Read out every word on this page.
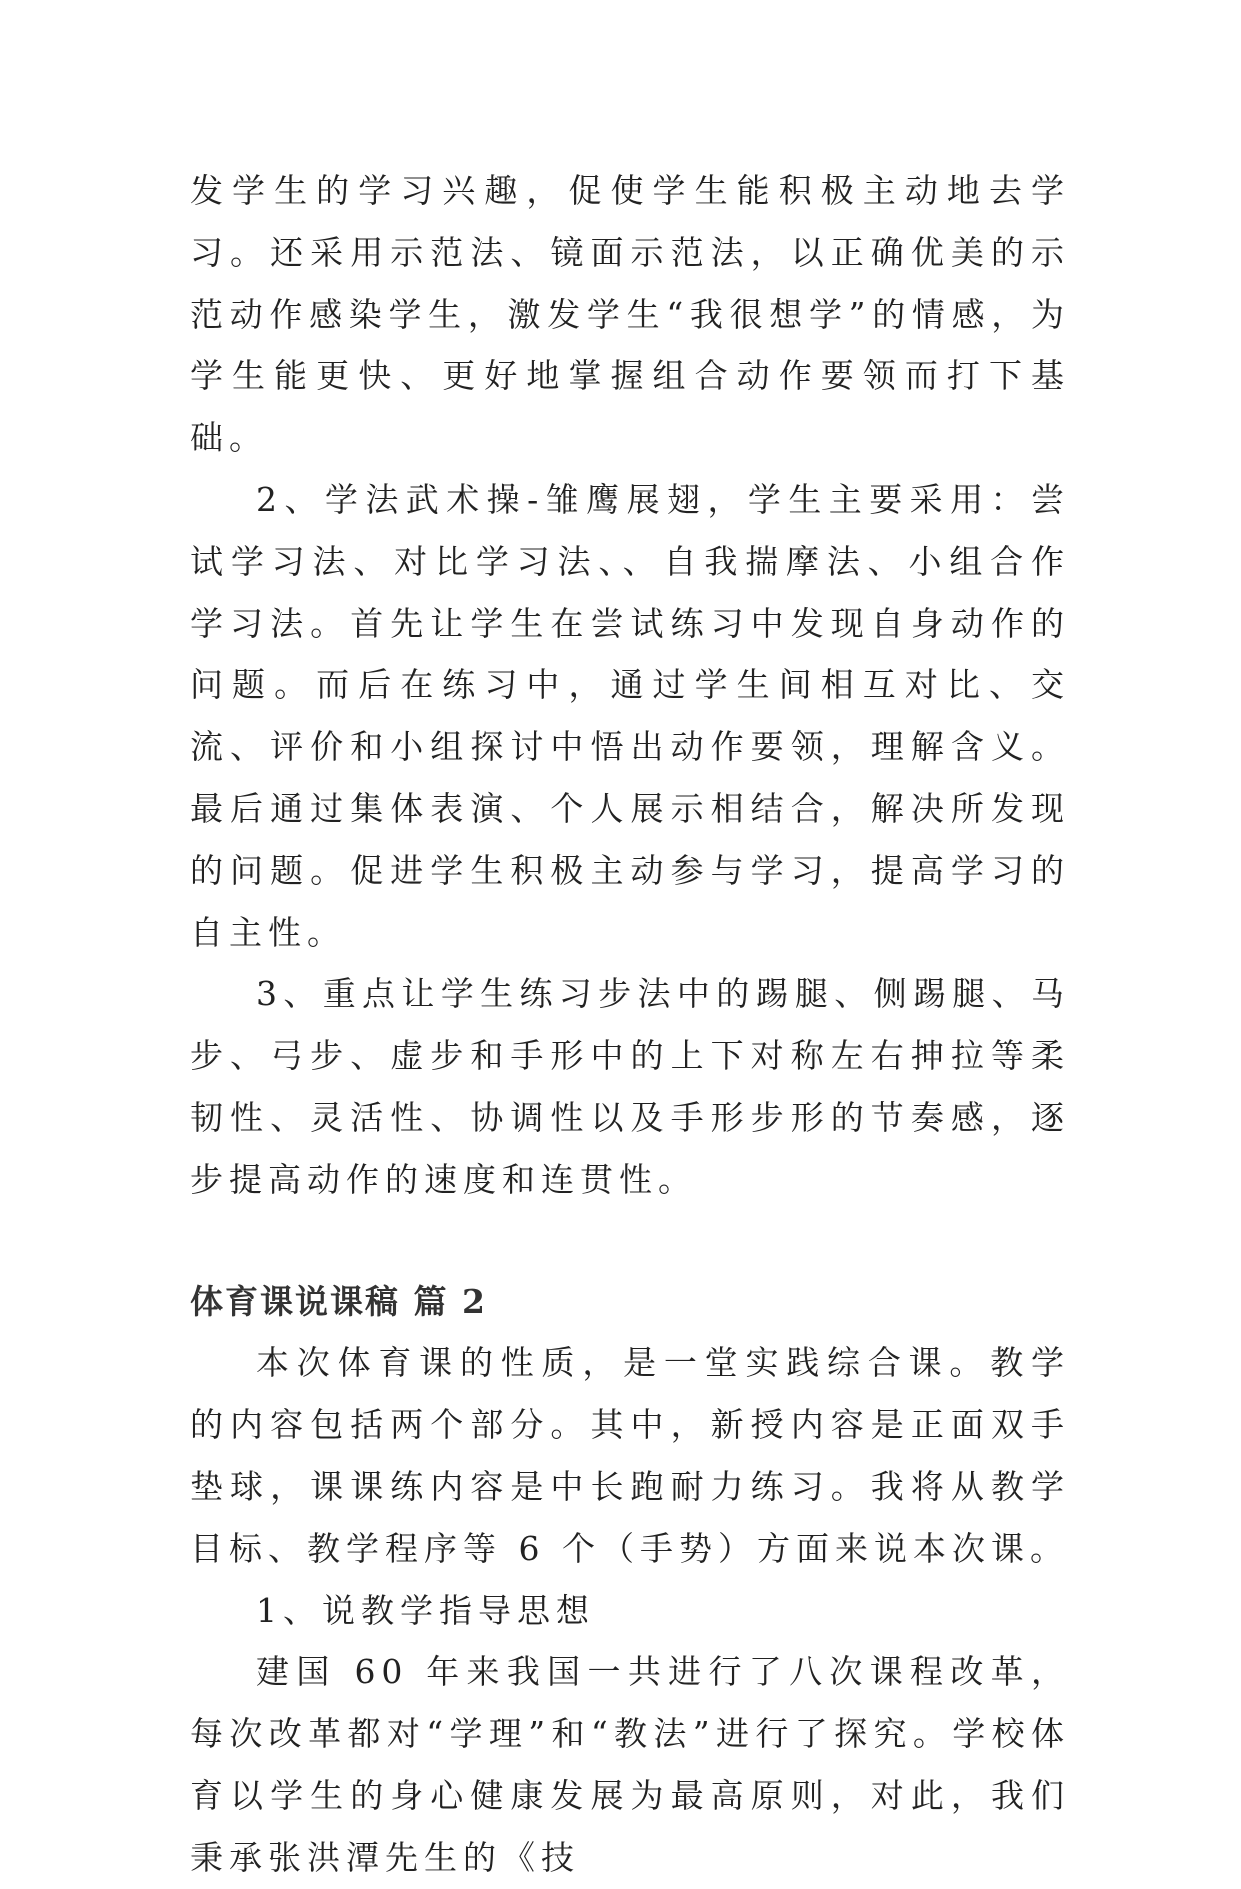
发学生的学习兴趣，促使学生能积极主动地去学习。还采用示范法、镜面示范法，以正确优美的示范动作感染学生，激发学生“我很想学”的情感，为学生能更快、更好地掌握组合动作要领而打下基础。

2、学法武术操-雏鹰展翅，学生主要采用：尝试学习法、对比学习法、、自我揣摩法、小组合作学习法。首先让学生在尝试练习中发现自身动作的问题。而后在练习中，通过学生间相互对比、交流、评价和小组探讨中悟出动作要领，理解含义。最后通过集体表演、个人展示相结合，解决所发现的问题。促进学生积极主动参与学习，提高学习的自主性。

3、重点让学生练习步法中的踢腿、侧踢腿、马步、弓步、虚步和手形中的上下对称左右抻拉等柔韧性、灵活性、协调性以及手形步形的节奏感，逐步提高动作的速度和连贯性。

体育课说课稿 篇 2

本次体育课的性质，是一堂实践综合课。教学的内容包括两个部分。其中，新授内容是正面双手垫球，课课练内容是中长跑耐力练习。我将从教学目标、教学程序等 6 个（手势）方面来说本次课。

1、说教学指导思想

建国 60 年来我国一共进行了八次课程改革，每次改革都对“学理”和“教法”进行了探究。学校体育以学生的身心健康发展为最高原则，对此，我们秉承张洪潭先生的《技
